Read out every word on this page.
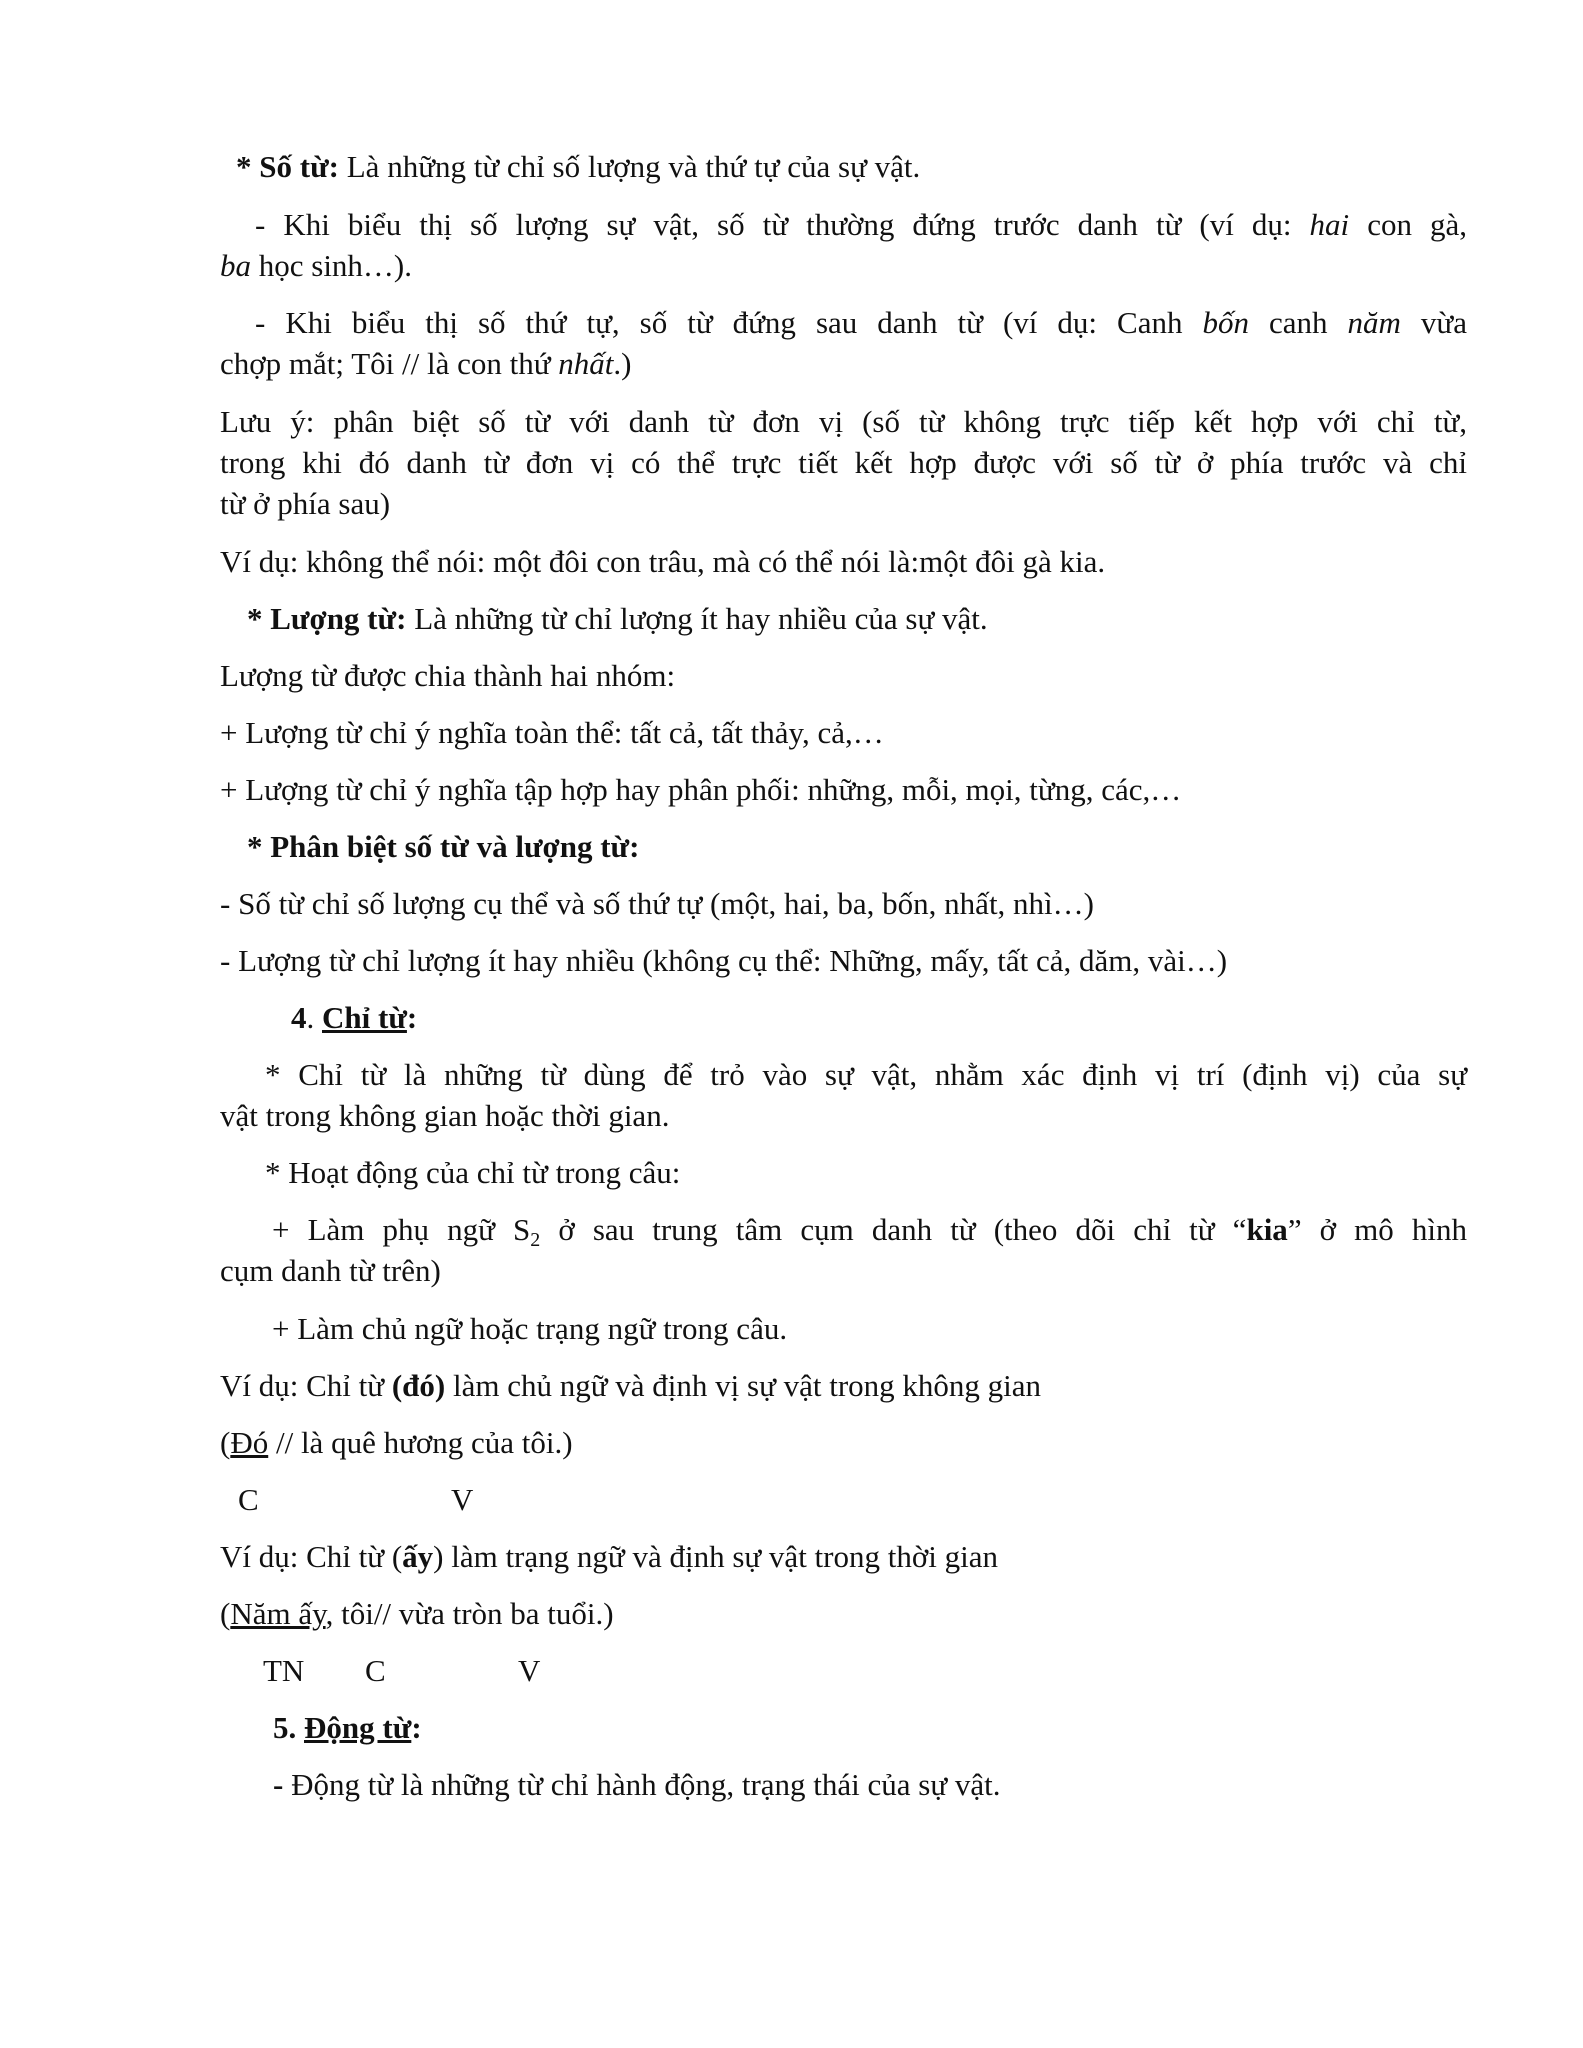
* Số từ: Là những từ chỉ số lượng và thứ tự của sự vật.

- Khi biểu thị số lượng sự vật, số từ thường đứng trước danh từ (ví dụ: hai con gà,

ba học sinh…).

- Khi biểu thị số thứ tự, số từ đứng sau danh từ (ví dụ: Canh bốn canh năm vừa

chợp mắt; Tôi // là con thứ nhất.)

Lưu ý: phân biệt số từ với danh từ đơn vị (số từ không trực tiếp kết hợp với chỉ từ,

trong khi đó danh từ đơn vị có thể trực tiết kết hợp được với số từ ở phía trước và chỉ

từ ở phía sau)

Ví dụ: không thể nói: một đôi con trâu, mà có thể nói là:một đôi gà kia.

* Lượng từ: Là những từ chỉ lượng ít hay nhiều của sự vật.

Lượng từ được chia thành hai nhóm:

+ Lượng từ chỉ ý nghĩa toàn thể: tất cả, tất thảy, cả,…

+ Lượng từ chỉ ý nghĩa tập hợp hay phân phối: những, mỗi, mọi, từng, các,…

* Phân biệt số từ và lượng từ:

- Số từ chỉ số lượng cụ thể và số thứ tự (một, hai, ba, bốn, nhất, nhì…)

- Lượng từ chỉ lượng ít hay nhiều (không cụ thể: Những, mấy, tất cả, dăm, vài…)

4. Chỉ từ:

* Chỉ từ là những từ dùng để trỏ vào sự vật, nhằm xác định vị trí (định vị) của sự

vật trong không gian hoặc thời gian.

* Hoạt động của chỉ từ trong câu:

+ Làm phụ ngữ $S_2$ ở sau trung tâm cụm danh từ (theo dõi chỉ từ “kia” ở mô hình

cụm danh từ trên)

+ Làm chủ ngữ hoặc trạng ngữ trong câu.

Ví dụ: Chỉ từ (đó) làm chủ ngữ và định vị sự vật trong không gian

(Đó // là quê hương của tôi.)

C	V

Ví dụ: Chỉ từ (ấy) làm trạng ngữ và định sự vật trong thời gian

(Năm ấy, tôi// vừa tròn ba tuổi.)

TN C	V

5. Động từ:

- Động từ là những từ chỉ hành động, trạng thái của sự vật.
